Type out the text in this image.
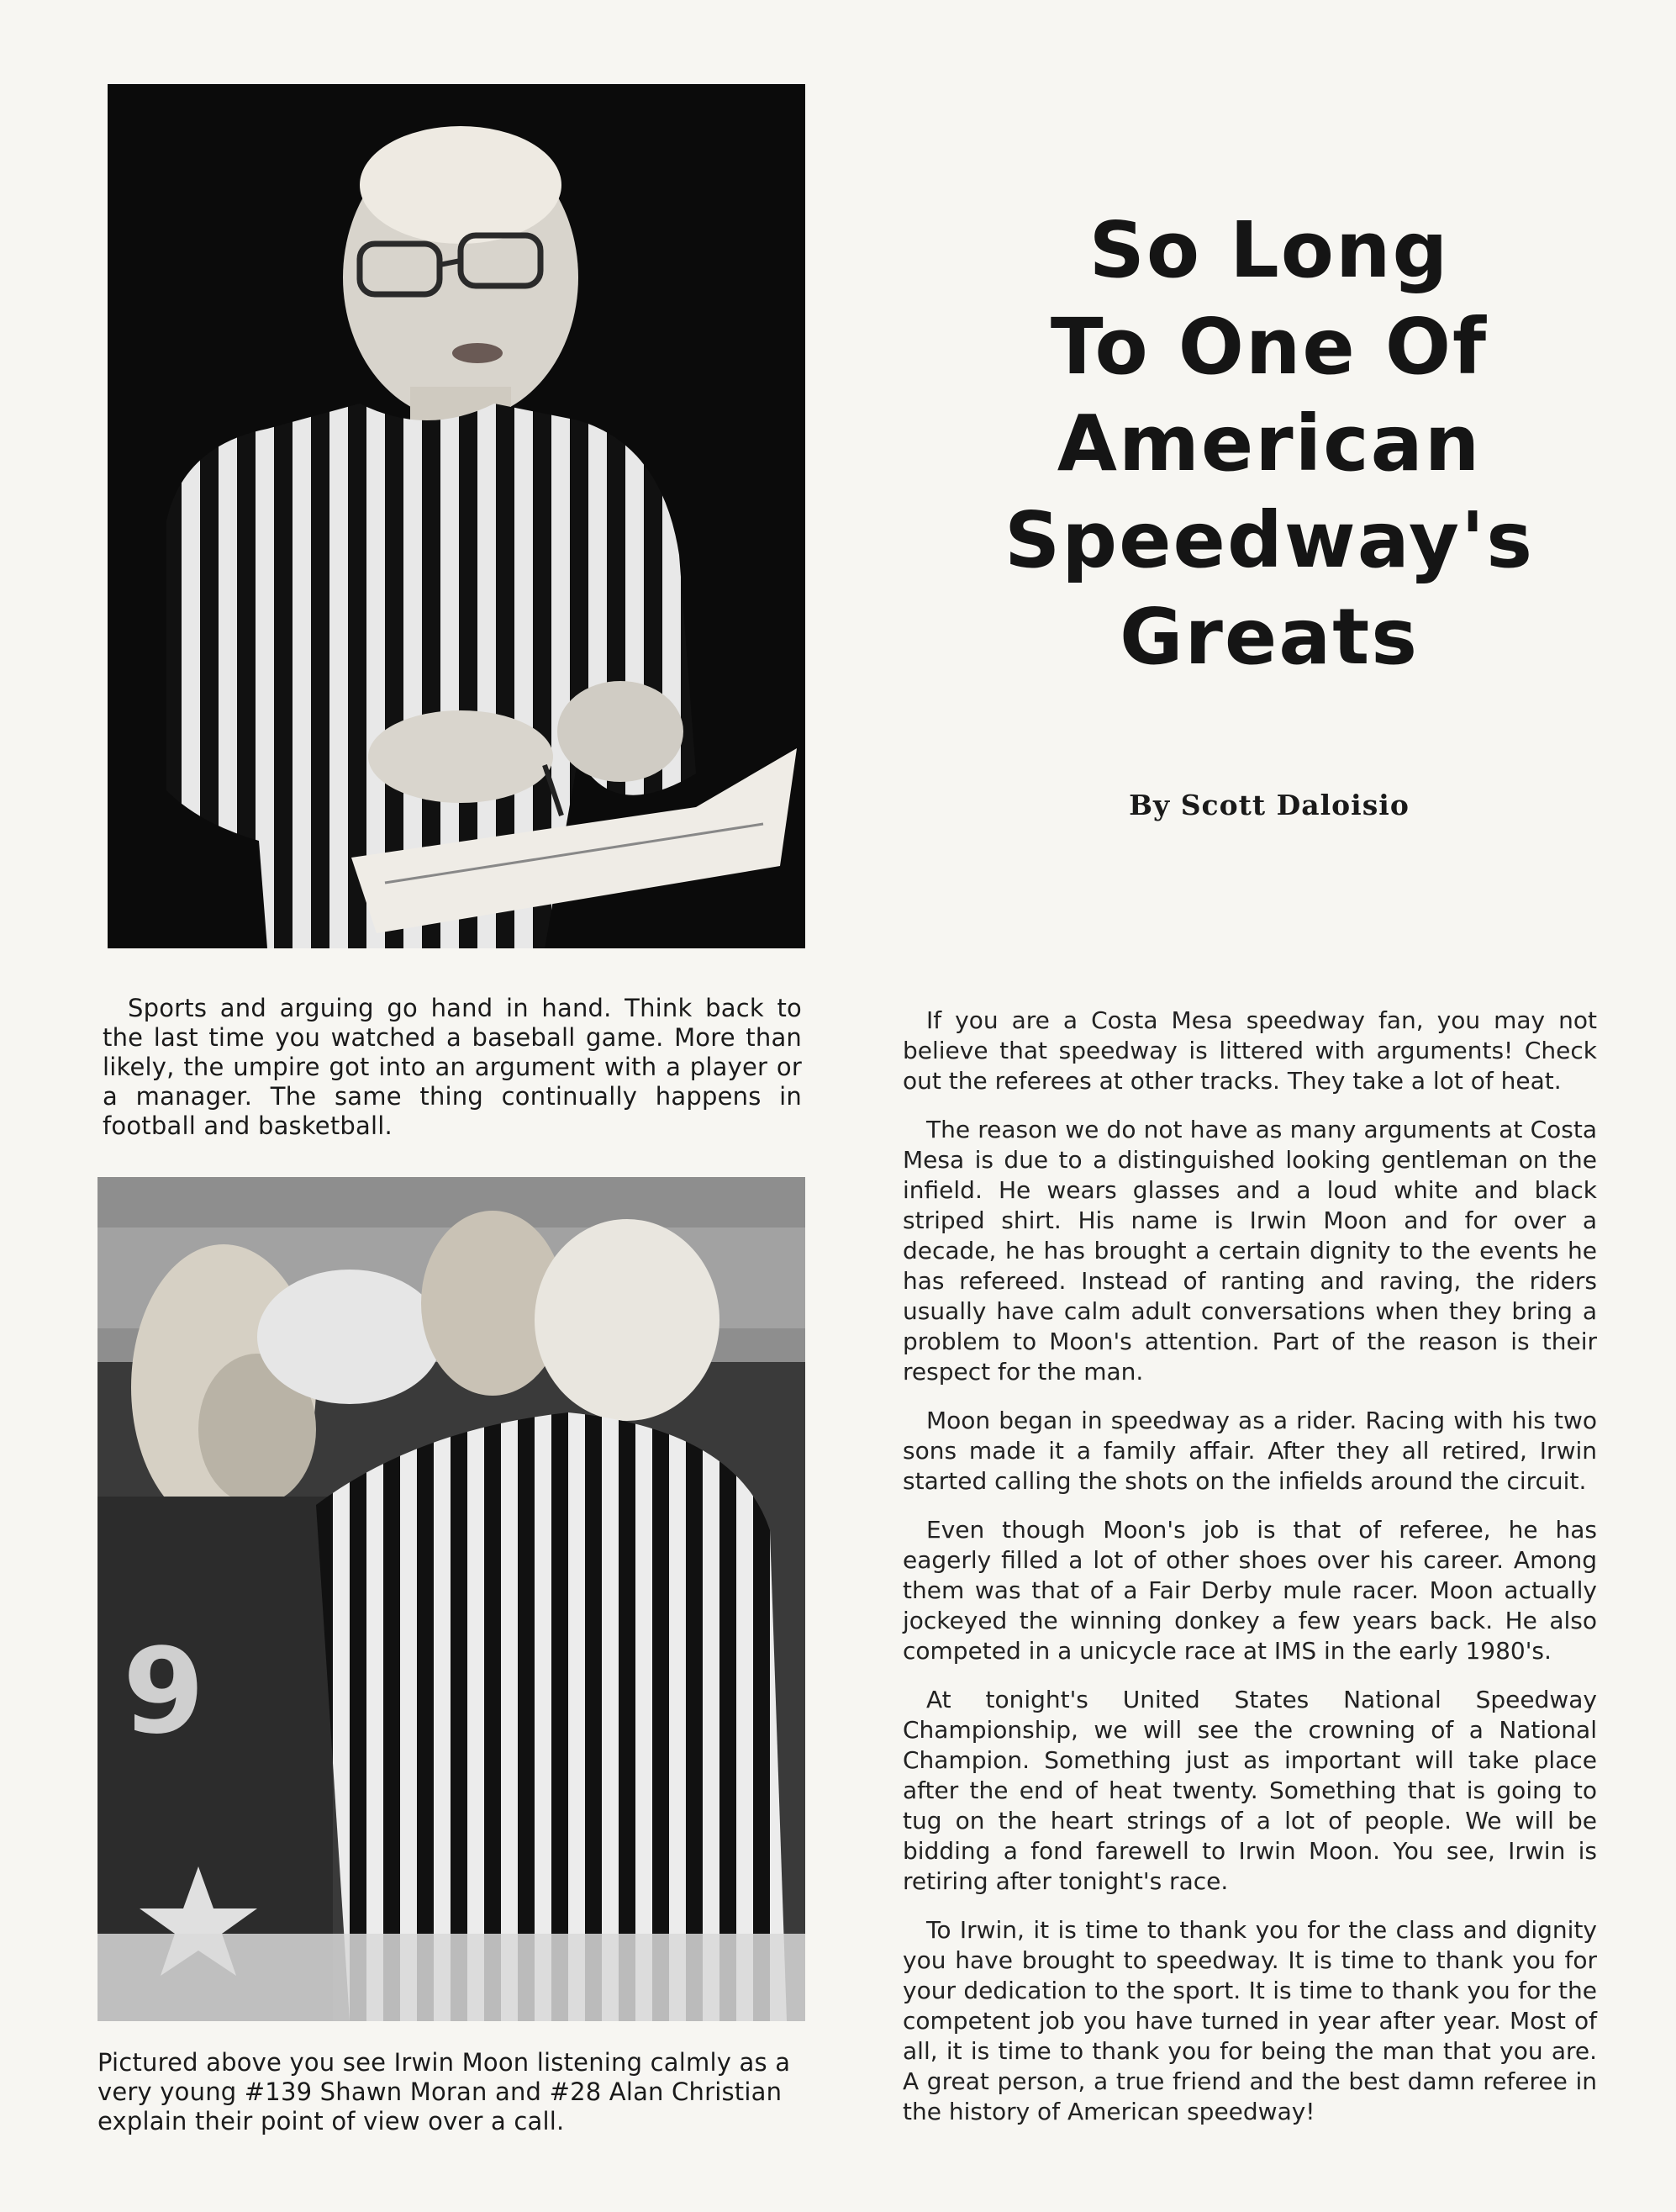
Sports and arguing go hand in hand. Think back to the last time you watched a baseball game. More than likely, the umpire got into an argument with a player or a manager. The same thing continually happens in football and basketball.
9
Pictured above you see Irwin Moon listening calmly as a very young #139 Shawn Moran and #28 Alan Christian explain their point of view over a call.
So Long
To One Of
American
Speedway's
Greats
By Scott Daloisio

If you are a Costa Mesa speedway fan, you may not believe that speedway is littered with arguments! Check out the referees at other tracks. They take a lot of heat.

The reason we do not have as many arguments at Costa Mesa is due to a distinguished looking gentleman on the infield. He wears glasses and a loud white and black striped shirt. His name is Irwin Moon and for over a decade, he has brought a certain dignity to the events he has refereed. Instead of ranting and raving, the riders usually have calm adult conversations when they bring a problem to Moon's attention. Part of the reason is their respect for the man.

Moon began in speedway as a rider. Racing with his two sons made it a family affair. After they all retired, Irwin started calling the shots on the infields around the circuit.

Even though Moon's job is that of referee, he has eagerly filled a lot of other shoes over his career. Among them was that of a Fair Derby mule racer. Moon actually jockeyed the winning donkey a few years back. He also competed in a unicycle race at IMS in the early 1980's.

At tonight's United States National Speedway Championship, we will see the crowning of a National Champion. Something just as important will take place after the end of heat twenty. Something that is going to tug on the heart strings of a lot of people. We will be bidding a fond farewell to Irwin Moon. You see, Irwin is retiring after tonight's race.

To Irwin, it is time to thank you for the class and dignity you have brought to speedway. It is time to thank you for your dedication to the sport. It is time to thank you for the competent job you have turned in year after year. Most of all, it is time to thank you for being the man that you are. A great person, a true friend and the best damn referee in the history of American speedway!
